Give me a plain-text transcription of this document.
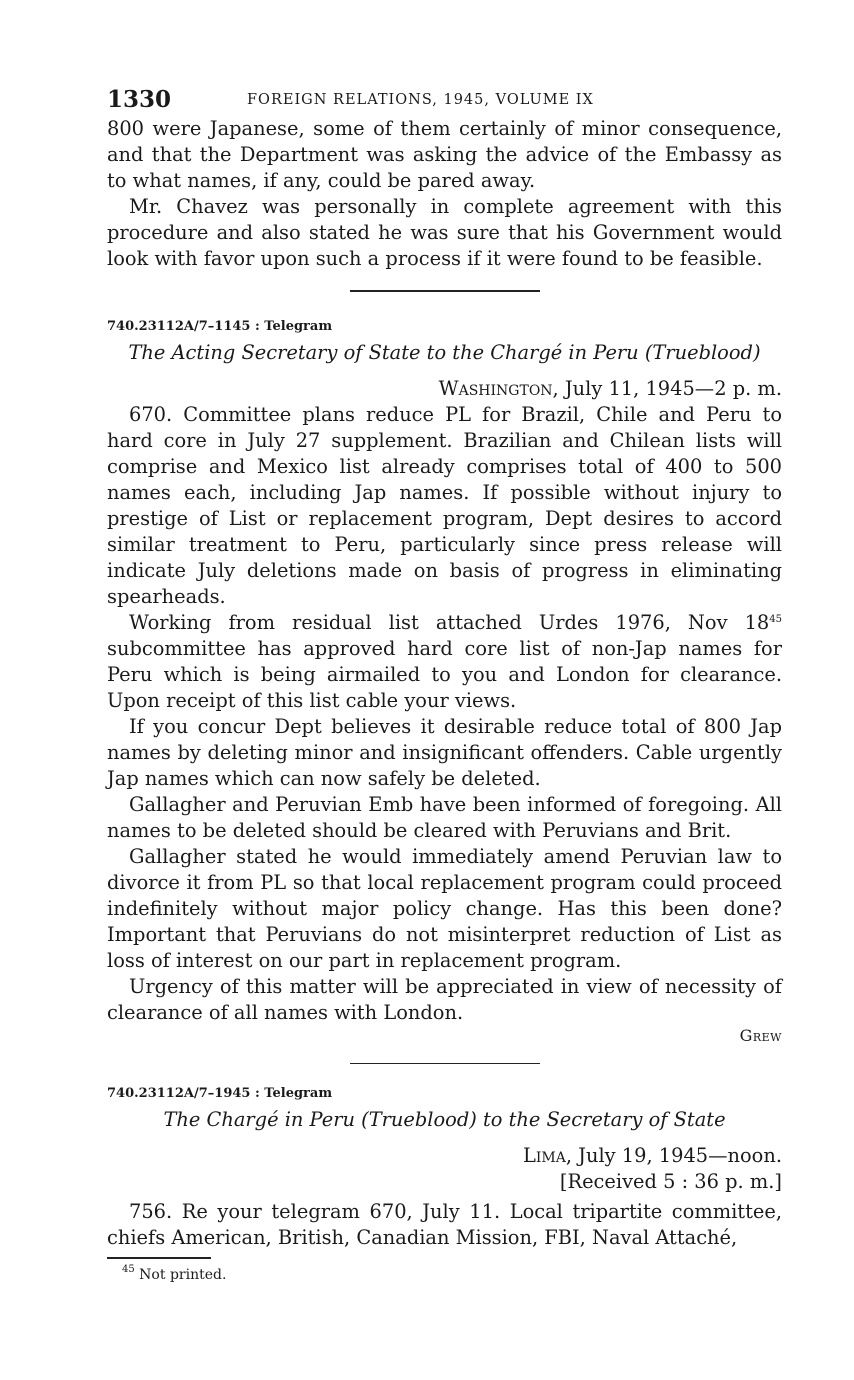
1330	FOREIGN RELATIONS, 1945, VOLUME IX

800 were Japanese, some of them certainly of minor consequence, and that the Department was asking the advice of the Embassy as to what names, if any, could be pared away.

Mr. Chavez was personally in complete agreement with this procedure and also stated he was sure that his Government would look with favor upon such a process if it were found to be feasible.

740.23112A/7–1145 : Telegram

The Acting Secretary of State to the Chargé in Peru (Trueblood)

Washington, July 11, 1945—2 p. m.

670. Committee plans reduce PL for Brazil, Chile and Peru to hard core in July 27 supplement. Brazilian and Chilean lists will comprise and Mexico list already comprises total of 400 to 500 names each, including Jap names. If possible without injury to prestige of List or replacement program, Dept desires to accord similar treatment to Peru, particularly since press release will indicate July deletions made on basis of progress in eliminating spearheads.

Working from residual list attached Urdes 1976, Nov $18^{45}$ subcommittee has approved hard core list of non-Jap names for Peru which is being airmailed to you and London for clearance. Upon receipt of this list cable your views.

If you concur Dept believes it desirable reduce total of 800 Jap names by deleting minor and insignificant offenders. Cable urgently Jap names which can now safely be deleted.

Gallagher and Peruvian Emb have been informed of foregoing. All names to be deleted should be cleared with Peruvians and Brit.

Gallagher stated he would immediately amend Peruvian law to divorce it from PL so that local replacement program could proceed indefinitely without major policy change. Has this been done? Important that Peruvians do not misinterpret reduction of List as loss of interest on our part in replacement program.

Urgency of this matter will be appreciated in view of necessity of clearance of all names with London.

Grew

740.23112A/7–1945 : Telegram

The Chargé in Peru (Trueblood) to the Secretary of State

Lima, July 19, 1945—noon.

[Received 5 : 36 p. m.]

756. Re your telegram 670, July 11. Local tripartite committee, chiefs American, British, Canadian Mission, FBI, Naval Attaché,

$^{45}$ Not printed.
